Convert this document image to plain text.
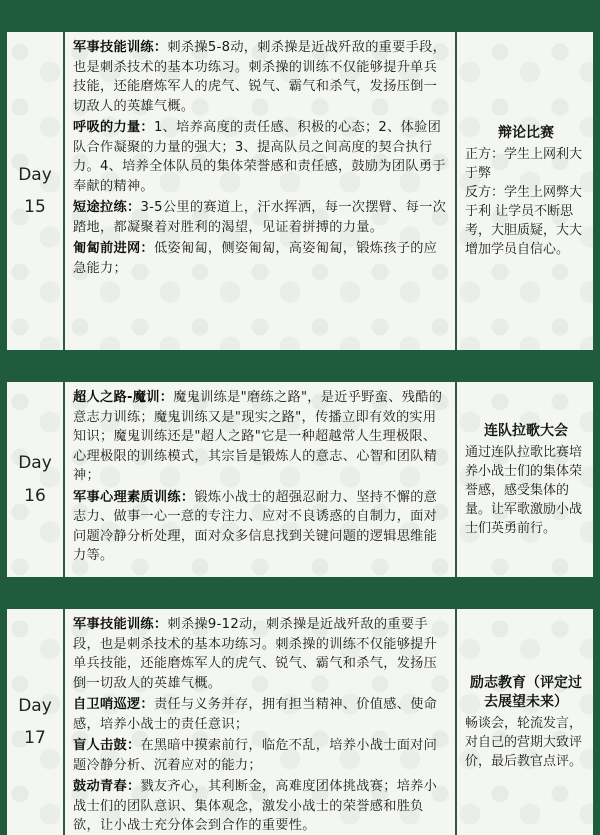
Day
15

军事技能训练：刺杀操5-8动，刺杀操是近战歼敌的重要手段，也是刺杀技术的基本功练习。刺杀操的训练不仅能够提升单兵技能，还能磨炼军人的虎气、锐气、霸气和杀气，发扬压倒一切敌人的英雄气概。

呼吸的力量：1、培养高度的责任感、积极的心态；2、体验团队合作凝聚的力量的强大；3、提高队员之间高度的契合执行力。4、培养全体队员的集体荣誉感和责任感，鼓励为团队勇于奉献的精神。

短途拉练：3-5公里的赛道上，汗水挥洒，每一次摆臂、每一次踏地，都凝聚着对胜利的渴望，见证着拼搏的力量。

匍匐前进网：低姿匍匐，侧姿匍匐，高姿匍匐，锻炼孩子的应急能力；

辩论比赛
正方：学生上网利大于弊
反方：学生上网弊大于利 让学员不断思考，大胆质疑，大大增加学员自信心。
Day
16

超人之路-魔训：魔鬼训练是"磨练之路"，是近乎野蛮、残酷的意志力训练；魔鬼训练又是"现实之路"，传播立即有效的实用知识；魔鬼训练还是"超人之路"它是一种超越常人生理极限、心理极限的训练模式，其宗旨是锻炼人的意志、心智和团队精神；

军事心理素质训练：锻炼小战士的超强忍耐力、坚持不懈的意志力、做事一心一意的专注力、应对不良诱惑的自制力，面对问题冷静分析处理，面对众多信息找到关键问题的逻辑思维能力等。

连队拉歌大会
通过连队拉歌比赛培养小战士们的集体荣誉感，感受集体的量。让军歌激励小战士们英勇前行。
Day
17

军事技能训练：刺杀操9-12动，刺杀操是近战歼敌的重要手段，也是刺杀技术的基本功练习。刺杀操的训练不仅能够提升单兵技能，还能磨炼军人的虎气、锐气、霸气和杀气，发扬压倒一切敌人的英雄气概。

自卫哨巡逻：责任与义务并存，拥有担当精神、价值感、使命感，培养小战士的责任意识；

盲人击鼓：在黑暗中摸索前行，临危不乱，培养小战士面对问题冷静分析、沉着应对的能力；

鼓动青春：戮友齐心，其利断金，高难度团体挑战赛；培养小战士们的团队意识、集体观念，激发小战士的荣誉感和胜负欲，让小战士充分体会到合作的重要性。

励志教育（评定过去展望未来）
畅谈会，轮流发言，对自己的营期大致评价，最后教官点评。
